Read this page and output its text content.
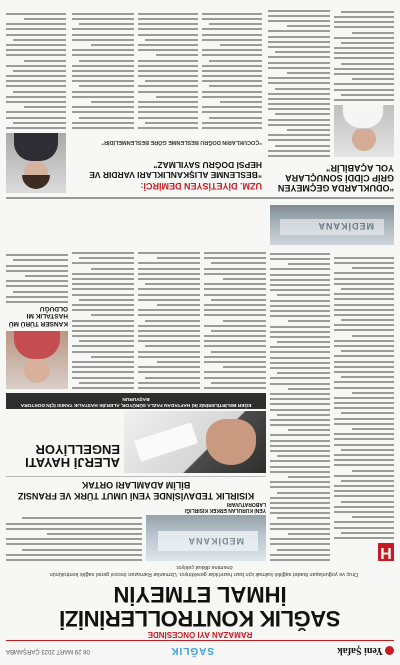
Yeni Şafak
SAĞLIK
08 29 MART 2023 ÇARŞAMBA
RAMAZAN AYI ÖNCESİNDE
SAĞLIK KONTROLLERİNİZİ
İHMAL ETMEYİN
Oruç ve yoğunlaşan ibadet sağlıklı kalmak için bazı hazırlıklar gerektiriyor. Uzmanlar Ramazan öncesi genel sağlık kontrolünün önemine dikkat çekiyor.
H
MEDİKANA
MEDİKANA
YENİ KURULAN ERKEK KISIRLIĞI LABORATUVARI
KISIRLIK TEDAVİSİNDE YENİ UMUT TÜRK VE FRANSIZ BİLİM ADAMLARI ORTAK
ALERJİ HAYATI ENGELLİYOR
EĞER BELİRTİLERİNİZ İKİ HAFTADAN FAZLA SÜRÜYOR, ALERJİK HASTALIK TANISI İÇİN DOKTORA BAŞVURUN
KANSER TÜRÜ MÜ HASTALIK MI OLDUĞU
“ODUKLARDA GEÇMEYEN GRİP CİDDİ SONUÇLARA YOL AÇABİLİR”
UZM. DİYETİSYEN DEMİRCİ:
“BESLENME ALIŞKANLIKLARI VARDIR VE HEPSİ DOĞRU SAYILMAZ”
“ÇOCUKLARIN DOĞRU BESLENME GÖRE BESLENMELİDİR”
